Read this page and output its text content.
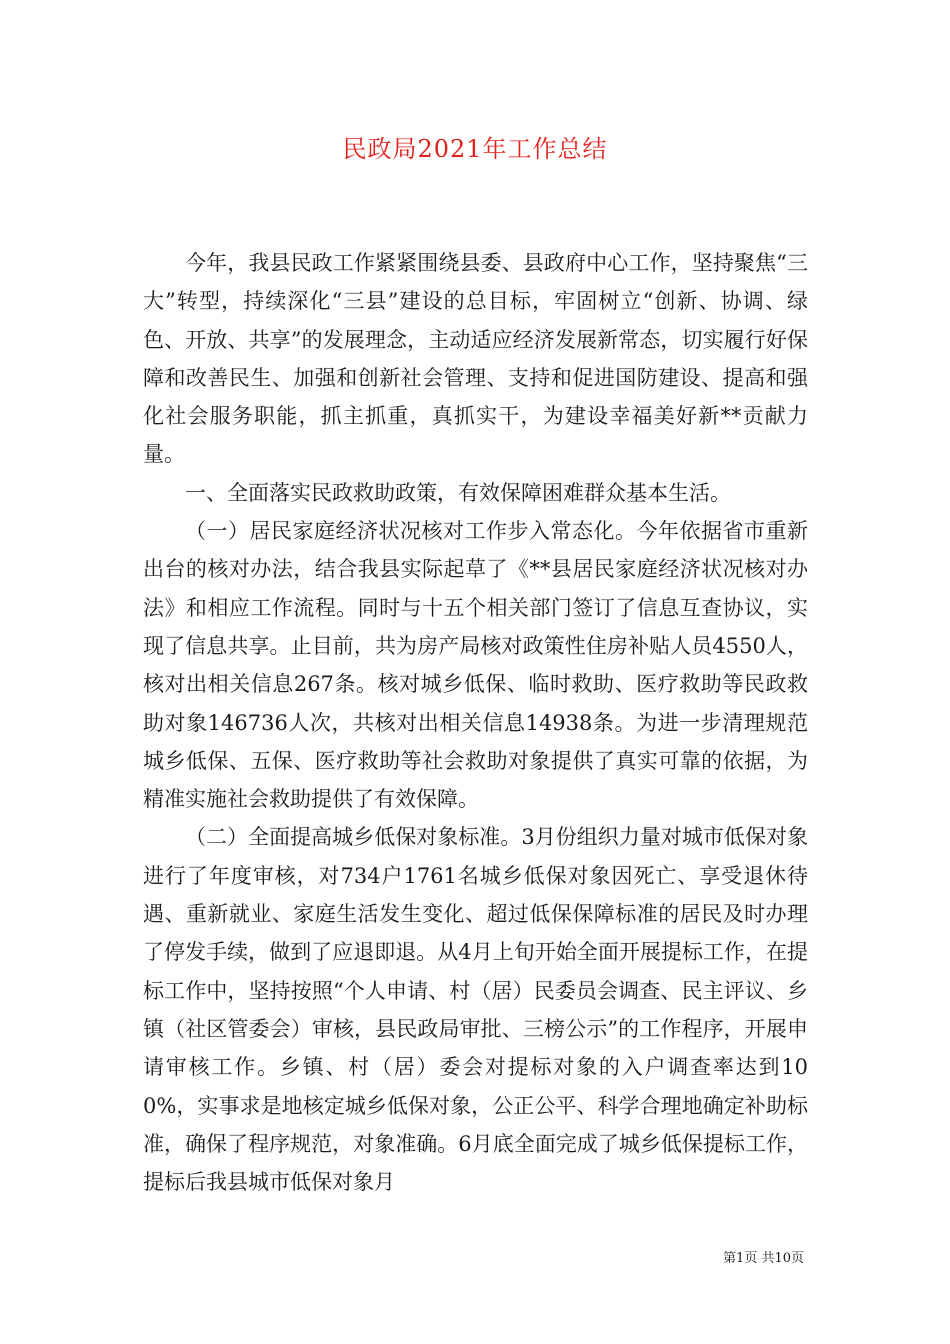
民政局2021年工作总结

今年，我县民政工作紧紧围绕县委、县政府中心工作，坚持聚焦“三大”转型，持续深化“三县”建设的总目标，牢固树立“创新、协调、绿色、开放、共享”的发展理念，主动适应经济发展新常态，切实履行好保障和改善民生、加强和创新社会管理、支持和促进国防建设、提高和强化社会服务职能，抓主抓重，真抓实干，为建设幸福美好新**贡献力量。

一、全面落实民政救助政策，有效保障困难群众基本生活。

（一）居民家庭经济状况核对工作步入常态化。今年依据省市重新出台的核对办法，结合我县实际起草了《**县居民家庭经济状况核对办法》和相应工作流程。同时与十五个相关部门签订了信息互查协议，实现了信息共享。止目前，共为房产局核对政策性住房补贴人员4550人，核对出相关信息267条。核对城乡低保、临时救助、医疗救助等民政救助对象146736人次，共核对出相关信息14938条。为进一步清理规范城乡低保、五保、医疗救助等社会救助对象提供了真实可靠的依据，为精准实施社会救助提供了有效保障。

（二）全面提高城乡低保对象标准。3月份组织力量对城市低保对象进行了年度审核，对734户1761名城乡低保对象因死亡、享受退休待遇、重新就业、家庭生活发生变化、超过低保保障标准的居民及时办理了停发手续，做到了应退即退。从4月上旬开始全面开展提标工作，在提标工作中，坚持按照“个人申请、村（居）民委员会调查、民主评议、乡镇（社区管委会）审核，县民政局审批、三榜公示”的工作程序，开展申请审核工作。乡镇、村（居）委会对提标对象的入户调查率达到100%，实事求是地核定城乡低保对象，公正公平、科学合理地确定补助标准，确保了程序规范，对象准确。6月底全面完成了城乡低保提标工作，提标后我县城市低保对象月

第1页 共10页
